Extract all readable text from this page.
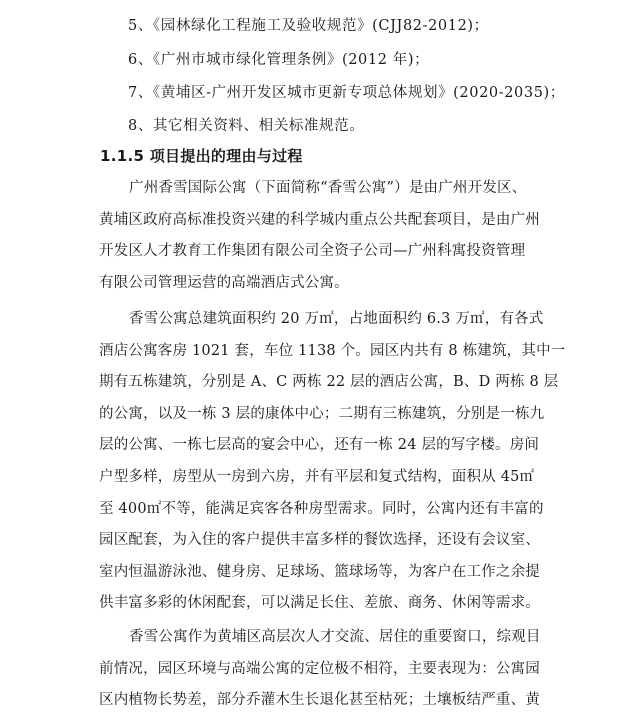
5、《园林绿化工程施工及验收规范》(CJJ82-2012)；
6、《广州市城市绿化管理条例》(2012 年)；
7、《黄埔区-广州开发区城市更新专项总体规划》(2020-2035)；
8、其它相关资料、相关标准规范。
1.1.5 项目提出的理由与过程
广州香雪国际公寓（下面简称“香雪公寓”）是由广州开发区、
黄埔区政府高标准投资兴建的科学城内重点公共配套项目，是由广州
开发区人才教育工作集团有限公司全资子公司—广州科寓投资管理
有限公司管理运营的高端酒店式公寓。
香雪公寓总建筑面积约 20 万㎡，占地面积约 6.3 万㎡，有各式
酒店公寓客房 1021 套，车位 1138 个。园区内共有 8 栋建筑，其中一
期有五栋建筑，分别是 A、C 两栋 22 层的酒店公寓，B、D 两栋 8 层
的公寓，以及一栋 3 层的康体中心；二期有三栋建筑，分别是一栋九
层的公寓、一栋七层高的宴会中心，还有一栋 24 层的写字楼。房间
户型多样，房型从一房到六房，并有平层和复式结构，面积从 45㎡
至 400㎡不等，能满足宾客各种房型需求。同时，公寓内还有丰富的
园区配套，为入住的客户提供丰富多样的餐饮选择，还设有会议室、
室内恒温游泳池、健身房、足球场、篮球场等，为客户在工作之余提
供丰富多彩的休闲配套，可以满足长住、差旅、商务、休闲等需求。
香雪公寓作为黄埔区高层次人才交流、居住的重要窗口，综观目
前情况，园区环境与高端公寓的定位极不相符，主要表现为：公寓园
区内植物长势差，部分乔灌木生长退化甚至枯死；土壤板结严重、黄
